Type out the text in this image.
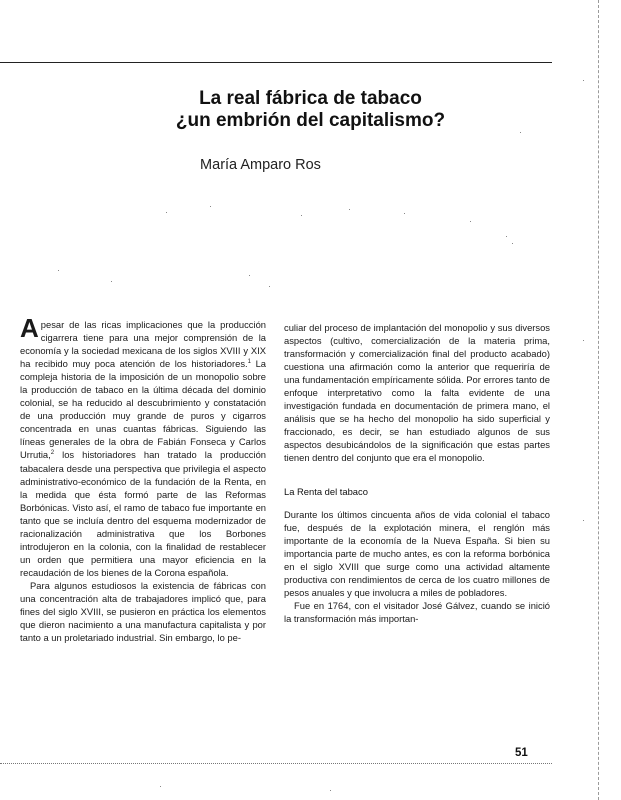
La real fábrica de tabaco
¿un embrión del capitalismo?
María Amparo Ros

Apesar de las ricas implicaciones que la producción cigarrera tiene para una mejor comprensión de la economía y la sociedad mexicana de los siglos XVIII y XIX ha recibido muy poca atención de los historiadores.$^1$ La compleja historia de la imposición de un monopolio sobre la producción de tabaco en la última década del dominio colonial, se ha reducido al descubrimiento y constatación de una producción muy grande de puros y cigarros concentrada en unas cuantas fábricas. Siguiendo las líneas generales de la obra de Fabián Fonseca y Carlos Urrutia,$^2$ los historiadores han tratado la producción tabacalera desde una perspectiva que privilegia el aspecto administrativo-económico de la fundación de la Renta, en la medida que ésta formó parte de las Reformas Borbónicas. Visto así, el ramo de tabaco fue importante en tanto que se incluía dentro del esquema modernizador de racionalización administrativa que los Borbones introdujeron en la colonia, con la finalidad de restablecer un orden que permitiera una mayor eficiencia en la recaudación de los bienes de la Corona española.

Para algunos estudiosos la existencia de fábricas con una concentración alta de trabajadores implicó que, para fines del siglo XVIII, se pusieron en práctica los elementos que dieron nacimiento a una manufactura capitalista y por tanto a un proletariado industrial. Sin embargo, lo pe-

culiar del proceso de implantación del monopolio y sus diversos aspectos (cultivo, comercialización de la materia prima, transformación y comercialización final del producto acabado) cuestiona una afirmación como la anterior que requeriría de una fundamentación empíricamente sólida. Por errores tanto de enfoque interpretativo como la falta evidente de una investigación fundada en documentación de primera mano, el análisis que se ha hecho del monopolio ha sido superficial y fraccionado, es decir, se han estudiado algunos de sus aspectos desubicándolos de la significación que estas partes tienen dentro del conjunto que era el monopolio.

La Renta del tabaco

Durante los últimos cincuenta años de vida colonial el tabaco fue, después de la explotación minera, el renglón más importante de la economía de la Nueva España. Si bien su importancia parte de mucho antes, es con la reforma borbónica en el siglo XVIII que surge como una actividad altamente productiva con rendimientos de cerca de los cuatro millones de pesos anuales y que involucra a miles de pobladores.

Fue en 1764, con el visitador José Gálvez, cuando se inició la transformación más importan-

51
